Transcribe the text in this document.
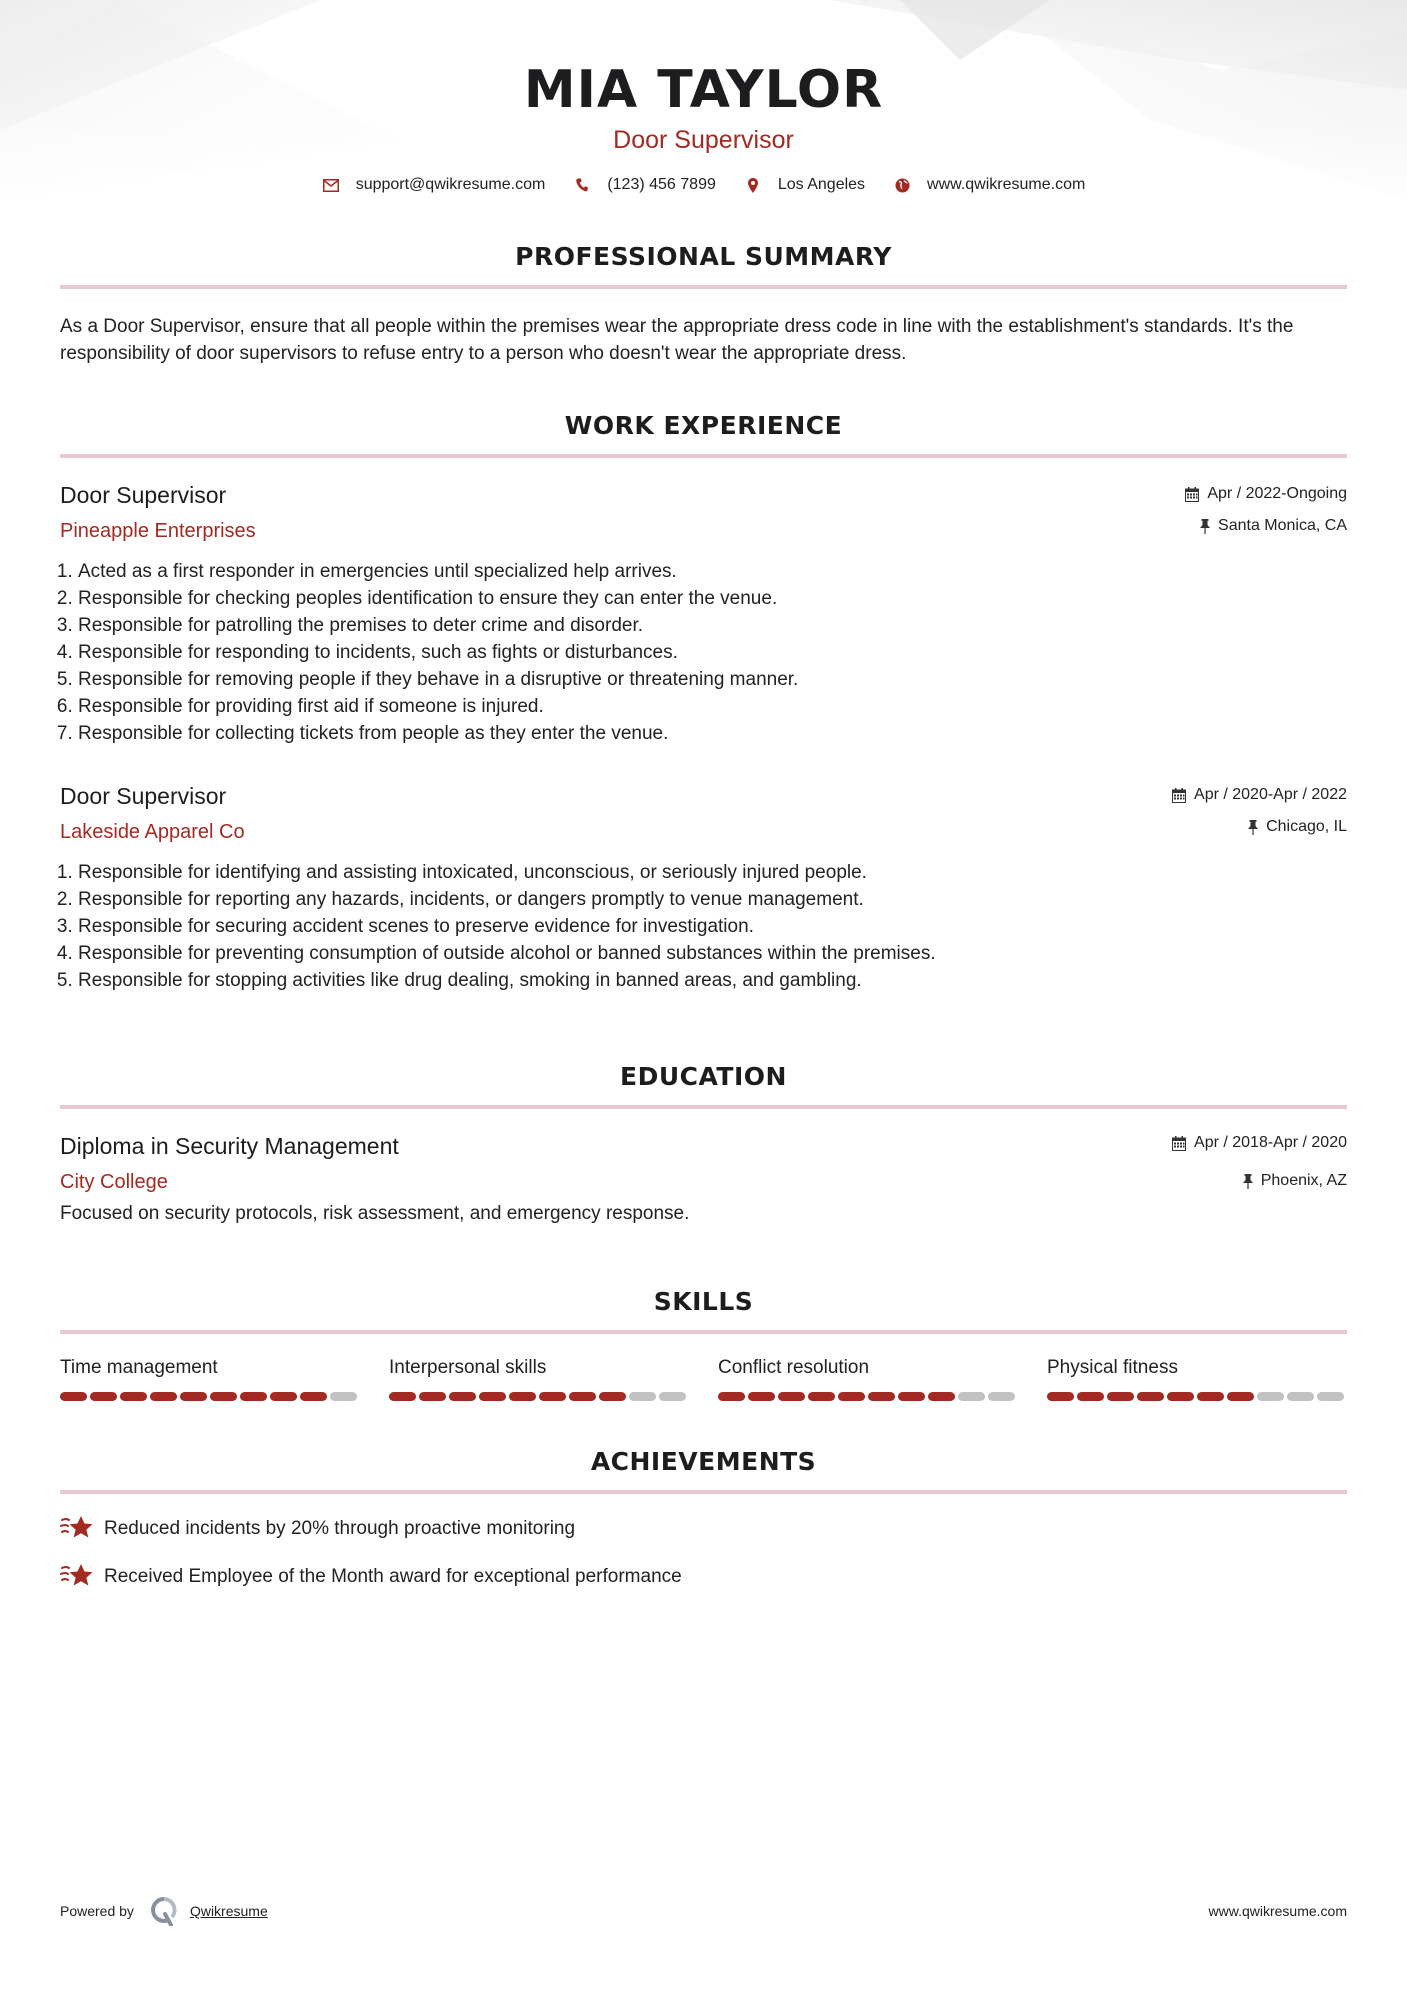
MIA TAYLOR
Door Supervisor
support@qwikresume.com	(123) 456 7899	Los Angeles	www.qwikresume.com
PROFESSIONAL SUMMARY

As a Door Supervisor, ensure that all people within the premises wear the appropriate dress code in line with the establishment's standards. It's the responsibility of door supervisors to refuse entry to a person who doesn't wear the appropriate dress.

WORK EXPERIENCE
Door Supervisor
Pineapple Enterprises
Apr / 2022-Ongoing
Santa Monica, CA
1. Acted as a first responder in emergencies until specialized help arrives.
2. Responsible for checking peoples identification to ensure they can enter the venue.
3. Responsible for patrolling the premises to deter crime and disorder.
4. Responsible for responding to incidents, such as fights or disturbances.
5. Responsible for removing people if they behave in a disruptive or threatening manner.
6. Responsible for providing first aid if someone is injured.
7. Responsible for collecting tickets from people as they enter the venue.
Door Supervisor
Lakeside Apparel Co
Apr / 2020-Apr / 2022
Chicago, IL
1. Responsible for identifying and assisting intoxicated, unconscious, or seriously injured people.
2. Responsible for reporting any hazards, incidents, or dangers promptly to venue management.
3. Responsible for securing accident scenes to preserve evidence for investigation.
4. Responsible for preventing consumption of outside alcohol or banned substances within the premises.
5. Responsible for stopping activities like drug dealing, smoking in banned areas, and gambling.
EDUCATION
Diploma in Security Management
City College
Apr / 2018-Apr / 2020
Phoenix, AZ

Focused on security protocols, risk assessment, and emergency response.

SKILLS
Time management	Interpersonal skills	Conflict resolution	Physical fitness
ACHIEVEMENTS
Reduced incidents by 20% through proactive monitoring
Received Employee of the Month award for exceptional performance
Powered by	Qwikresume	www.qwikresume.com
